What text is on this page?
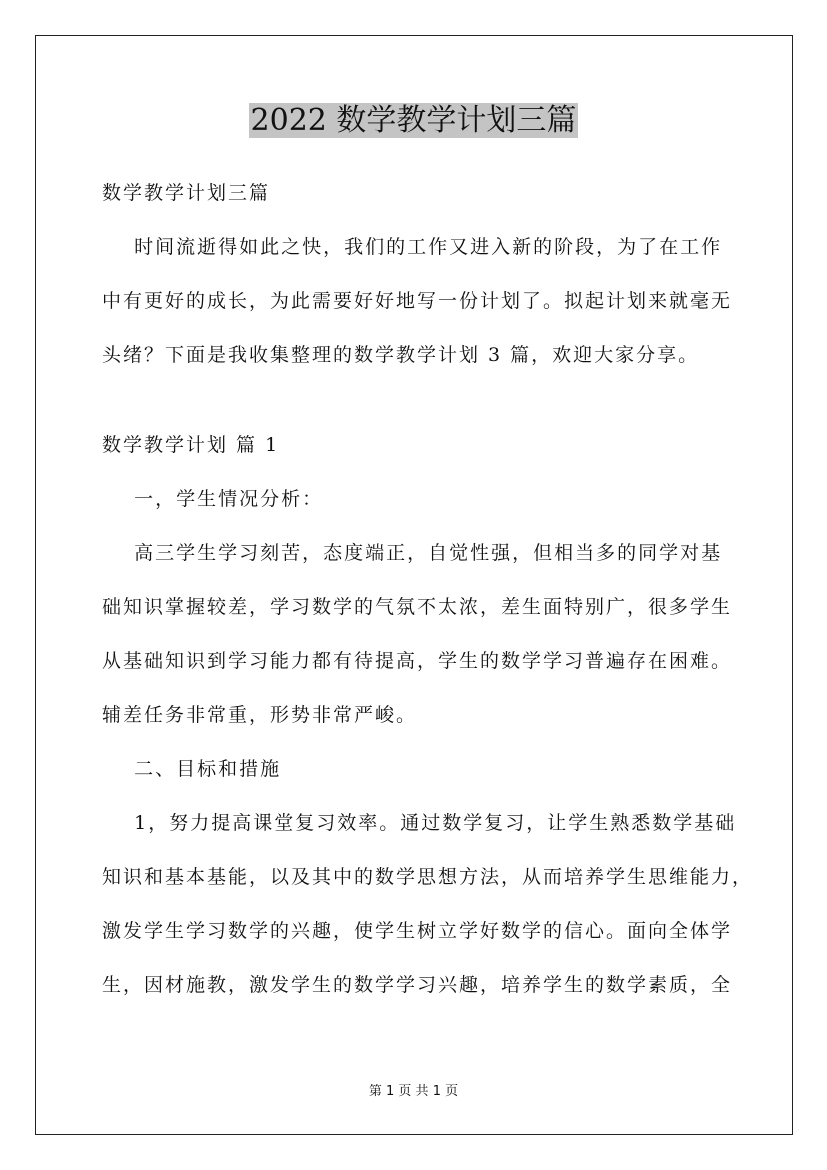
2022 数学教学计划三篇

数学教学计划三篇

时间流逝得如此之快，我们的工作又进入新的阶段，为了在工作

中有更好的成长，为此需要好好地写一份计划了。拟起计划来就毫无

头绪？下面是我收集整理的数学教学计划 3 篇，欢迎大家分享。

数学教学计划 篇 1

一，学生情况分析：

高三学生学习刻苦，态度端正，自觉性强，但相当多的同学对基

础知识掌握较差，学习数学的气氛不太浓，差生面特别广，很多学生

从基础知识到学习能力都有待提高，学生的数学学习普遍存在困难。

辅差任务非常重，形势非常严峻。

二、目标和措施

1，努力提高课堂复习效率。通过数学复习，让学生熟悉数学基础

知识和基本基能，以及其中的数学思想方法，从而培养学生思维能力，

激发学生学习数学的兴趣，使学生树立学好数学的信心。面向全体学

生，因材施教，激发学生的数学学习兴趣，培养学生的数学素质，全

第 1 页 共 1 页
